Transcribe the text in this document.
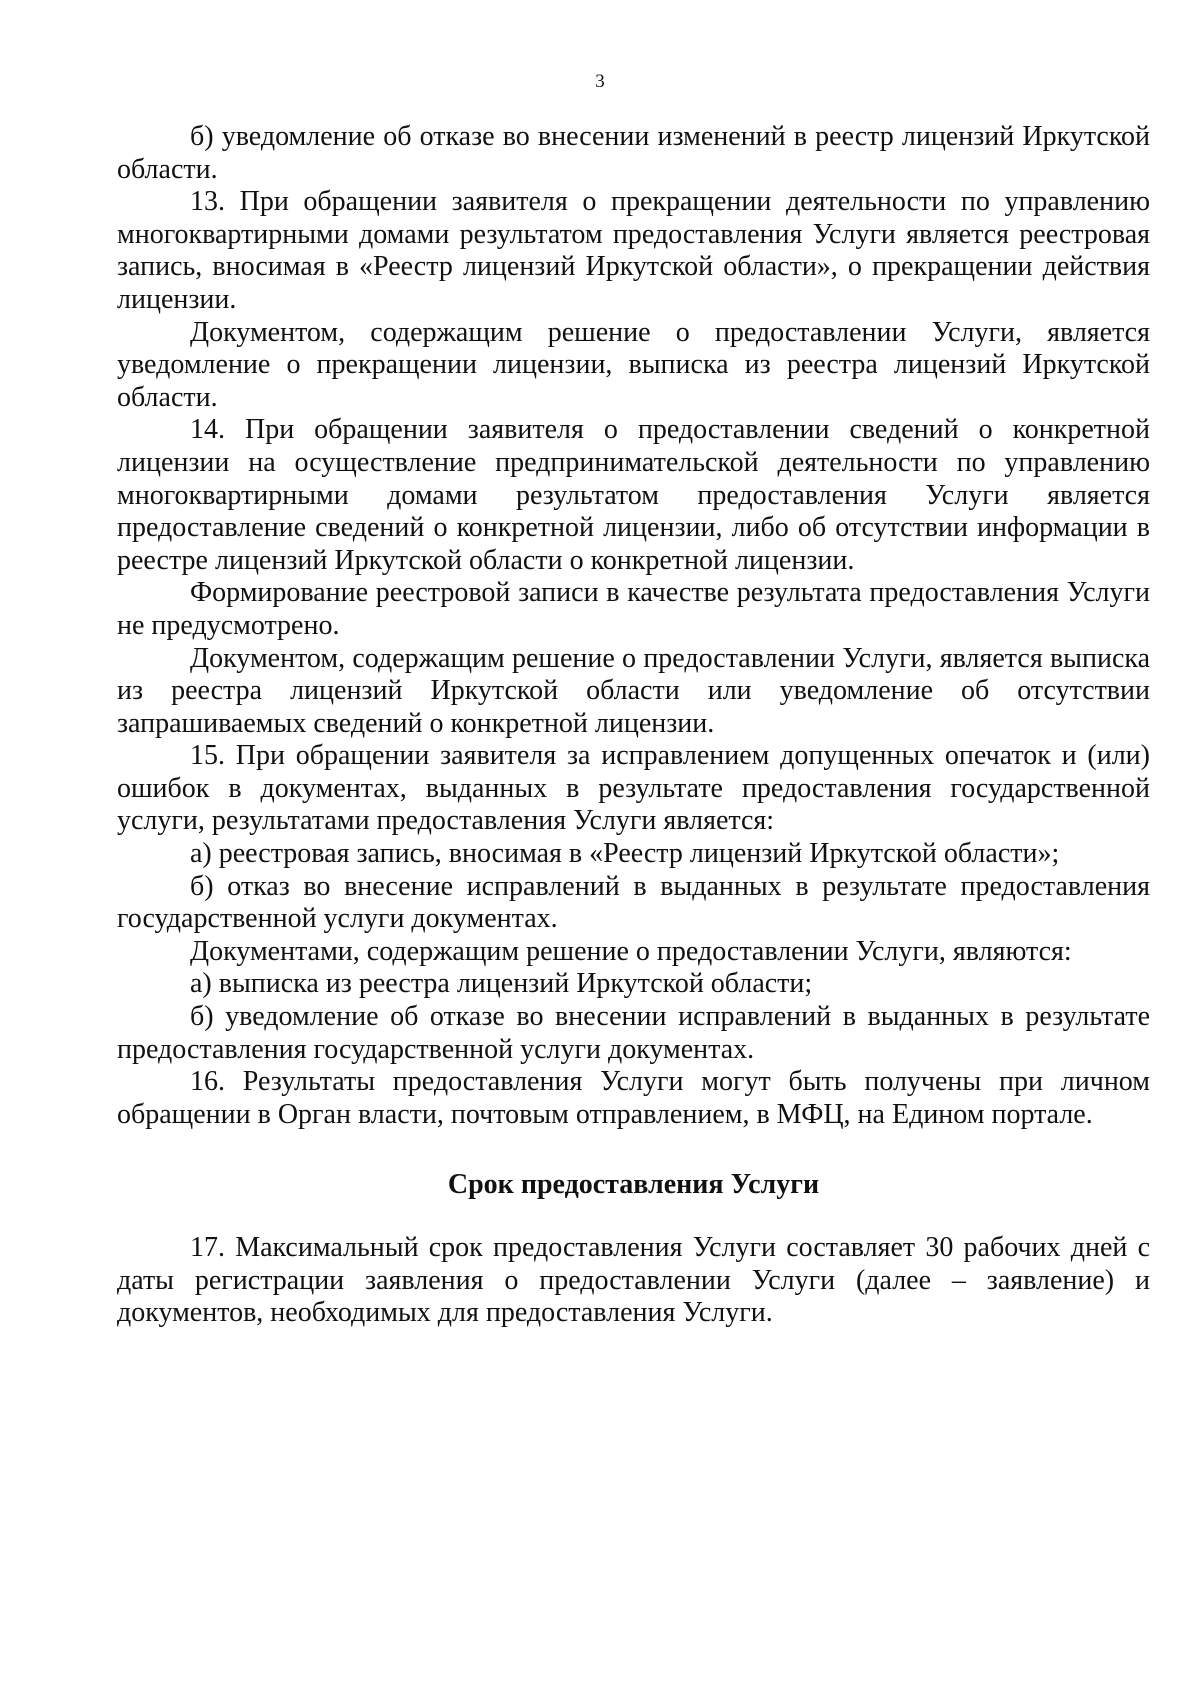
3

б) уведомление об отказе во внесении изменений в реестр лицензий Иркутской области.

13. При обращении заявителя о прекращении деятельности по управлению многоквартирными домами результатом предоставления Услуги является реестровая запись, вносимая в «Реестр лицензий Иркутской области», о прекращении действия лицензии.

Документом, содержащим решение о предоставлении Услуги, является уведомление о прекращении лицензии, выписка из реестра лицензий Иркутской области.

14. При обращении заявителя о предоставлении сведений о конкретной лицензии на осуществление предпринимательской деятельности по управлению многоквартирными домами результатом предоставления Услуги является предоставление сведений о конкретной лицензии, либо об отсутствии информации в реестре лицензий Иркутской области о конкретной лицензии.

Формирование реестровой записи в качестве результата предоставления Услуги не предусмотрено.

Документом, содержащим решение о предоставлении Услуги, является выписка из реестра лицензий Иркутской области или уведомление об отсутствии запрашиваемых сведений о конкретной лицензии.

15. При обращении заявителя за исправлением допущенных опечаток и (или) ошибок в документах, выданных в результате предоставления государственной услуги, результатами предоставления Услуги является:

а) реестровая запись, вносимая в «Реестр лицензий Иркутской области»;

б) отказ во внесение исправлений в выданных в результате предоставления государственной услуги документах.

Документами, содержащим решение о предоставлении Услуги, являются:

а) выписка из реестра лицензий Иркутской области;

б) уведомление об отказе во внесении исправлений в выданных в результате предоставления государственной услуги документах.

16. Результаты предоставления Услуги могут быть получены при личном обращении в Орган власти, почтовым отправлением, в МФЦ, на Едином портале.

Срок предоставления Услуги

17. Максимальный срок предоставления Услуги составляет 30 рабочих дней с даты регистрации заявления о предоставлении Услуги (далее – заявление) и документов, необходимых для предоставления Услуги.
